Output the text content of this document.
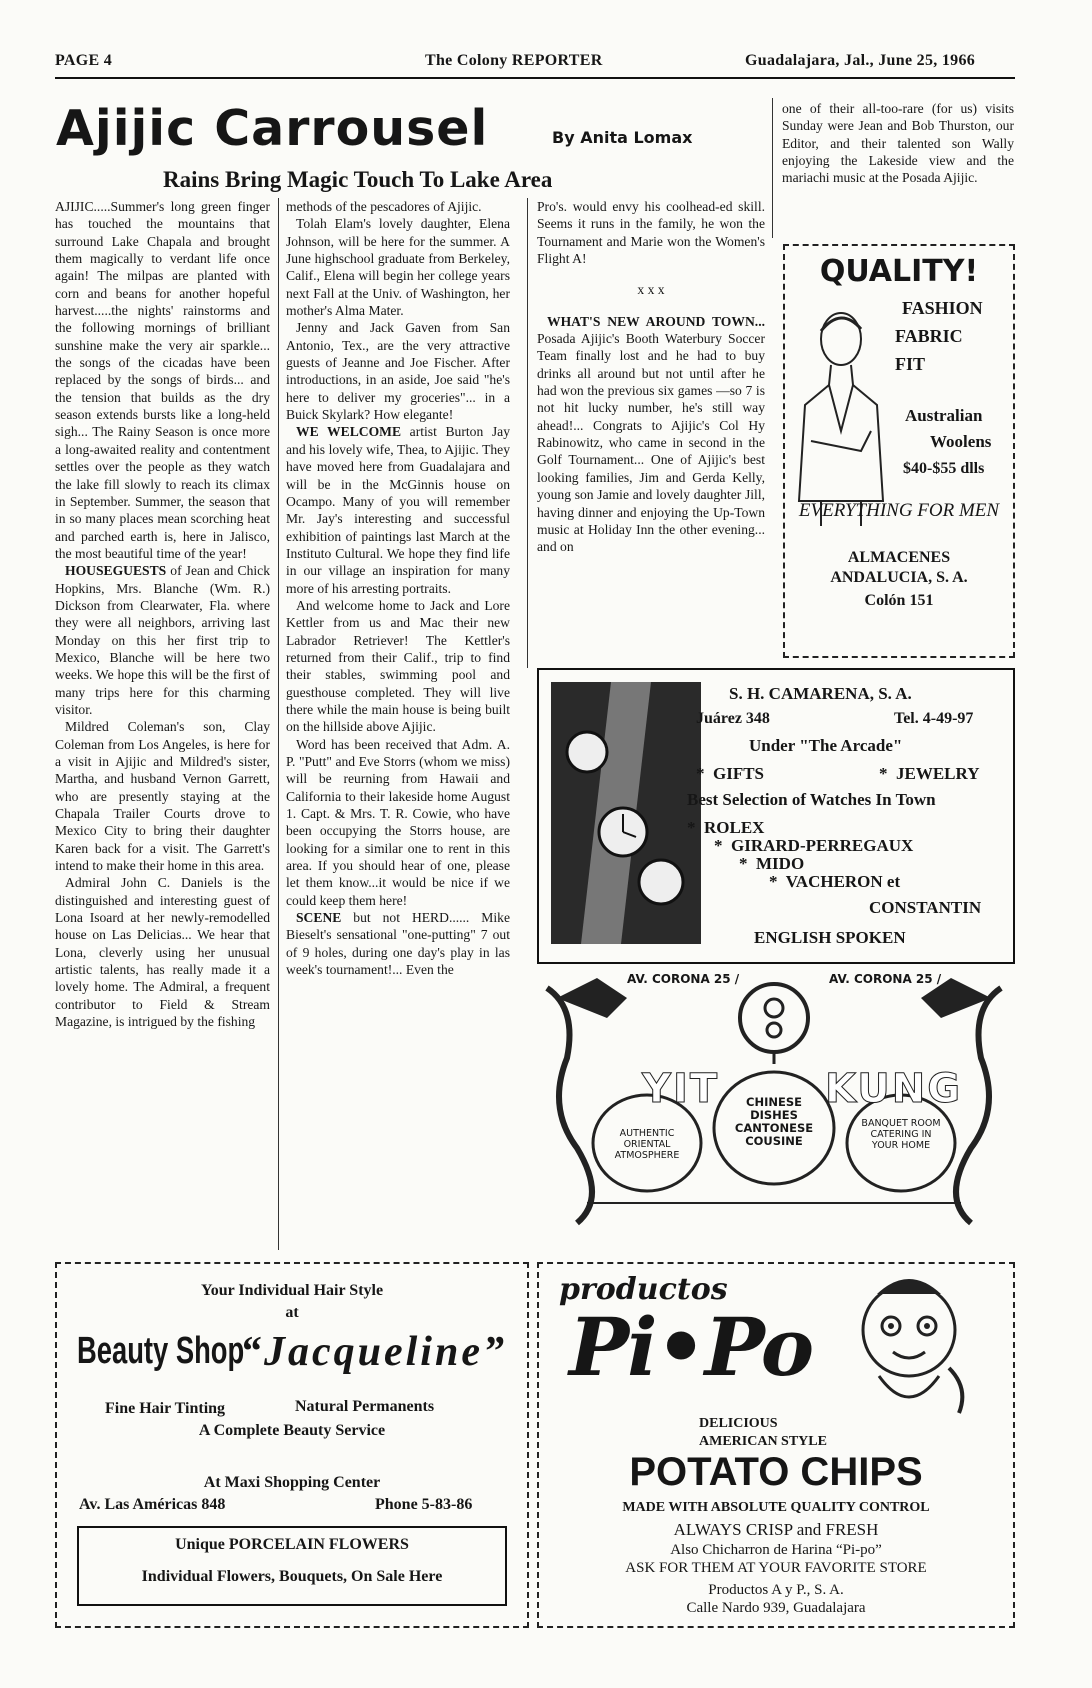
PAGE 4	The Colony REPORTER	Guadalajara, Jal., June 25, 1966
Ajijic Carrousel	By Anita Lomax
Rains Bring Magic Touch To Lake Area

AJIJIC.....Summer's long green finger has touched the mountains that surround Lake Chapala and brought them magically to verdant life once again! The milpas are planted with corn and beans for another hopeful harvest.....the nights' rainstorms and the following mornings of brilliant sunshine make the very air sparkle... the songs of the cicadas have been replaced by the songs of birds... and the tension that builds as the dry season extends bursts like a long-held sigh... The Rainy Season is once more a long-awaited reality and contentment settles over the people as they watch the lake fill slowly to reach its climax in September. Summer, the season that in so many places mean scorching heat and parched earth is, here in Jalisco, the most beautiful time of the year!

HOUSEGUESTS of Jean and Chick Hopkins, Mrs. Blanche (Wm. R.) Dickson from Clearwater, Fla. where they were all neighbors, arriving last Monday on this her first trip to Mexico, Blanche will be here two weeks. We hope this will be the first of many trips here for this charming visitor.

Mildred Coleman's son, Clay Coleman from Los Angeles, is here for a visit in Ajijic and Mildred's sister, Martha, and husband Vernon Garrett, who are presently staying at the Chapala Trailer Courts drove to Mexico City to bring their daughter Karen back for a visit. The Garrett's intend to make their home in this area.

Admiral John C. Daniels is the distinguished and interesting guest of Lona Isoard at her newly-remodelled house on Las Delicias... We hear that Lona, cleverly using her unusual artistic talents, has really made it a lovely home. The Admiral, a frequent contributor to Field & Stream Magazine, is intrigued by the fishing

methods of the pescadores of Ajijic.

Tolah Elam's lovely daughter, Elena Johnson, will be here for the summer. A June highschool graduate from Berkeley, Calif., Elena will begin her college years next Fall at the Univ. of Washington, her mother's Alma Mater.

Jenny and Jack Gaven from San Antonio, Tex., are the very attractive guests of Jeanne and Joe Fischer. After introductions, in an aside, Joe said "he's here to deliver my groceries"... in a Buick Skylark? How elegante!

WE WELCOME artist Burton Jay and his lovely wife, Thea, to Ajijic. They have moved here from Guadalajara and will be in the McGinnis house on Ocampo. Many of you will remember Mr. Jay's interesting and successful exhibition of paintings last March at the Instituto Cultural. We hope they find life in our village an inspiration for many more of his arresting portraits.

And welcome home to Jack and Lore Kettler from us and Mac their new Labrador Retriever! The Kettler's returned from their Calif., trip to find their stables, swimming pool and guesthouse completed. They will live there while the main house is being built on the hillside above Ajijic.

Word has been received that Adm. A. P. "Putt" and Eve Storrs (whom we miss) will be reurning from Hawaii and California to their lakeside home August 1. Capt. & Mrs. T. R. Cowie, who have been occupying the Storrs house, are looking for a similar one to rent in this area. If you should hear of one, please let them know...it would be nice if we could keep them here!

SCENE but not HERD...... Mike Bieselt's sensational "one-putting" 7 out of 9 holes, during one day's play in las week's tournament!... Even the

Pro's. would envy his coolhead-ed skill. Seems it runs in the family, he won the Tournament and Marie won the Women's Flight A!

x x x

WHAT'S NEW AROUND TOWN... Posada Ajijic's Booth Waterbury Soccer Team finally lost and he had to buy drinks all around but not until after he had won the previous six games —so 7 is not hit lucky number, he's still way ahead!... Congrats to Ajijic's Col Hy Rabinowitz, who came in second in the Golf Tournament... One of Ajijic's best looking families, Jim and Gerda Kelly, young son Jamie and lovely daughter Jill, having dinner and enjoying the Up-Town music at Holiday Inn the other evening... and on

one of their all-too-rare (for us) visits Sunday were Jean and Bob Thurston, our Editor, and their talented son Wally enjoying the Lakeside view and the mariachi music at the Posada Ajijic.

QUALITY!
FASHION
FABRIC
FIT
Australian
Woolens
$40-$55 dlls
EVERYTHING FOR MEN
ALMACENES ANDALUCIA, S. A.
Colón 151
S. H. CAMARENA, S. A.
Juárez 348	Tel. 4-49-97
Under "The Arcade"
* GIFTS	* JEWELRY
Best Selection of Watches In Town
* ROLEX
* GIRARD-PERREGAUX
* MIDO
* VACHERON et
CONSTANTIN
ENGLISH SPOKEN
AV. CORONA 25 /	AV. CORONA 25 /
YIT	KUNG
AUTHENTIC ORIENTAL ATMOSPHERE
CHINESE DISHES CANTONESE COUSINE
BANQUET ROOM CATERING IN YOUR HOME
Your Individual Hair Style
at
Beauty Shop
“Jacqueline”
Fine Hair Tinting	Natural Permanents
A Complete Beauty Service
At Maxi Shopping Center
Av. Las Américas 848	Phone 5-83-86
Unique PORCELAIN FLOWERS
Individual Flowers, Bouquets, On Sale Here
productos
Pi•Po
DELICIOUS
AMERICAN STYLE
POTATO CHIPS
MADE WITH ABSOLUTE QUALITY CONTROL
ALWAYS CRISP and FRESH
Also Chicharron de Harina “Pi-po”
ASK FOR THEM AT YOUR FAVORITE STORE
Productos A y P., S. A.
Calle Nardo 939, Guadalajara
